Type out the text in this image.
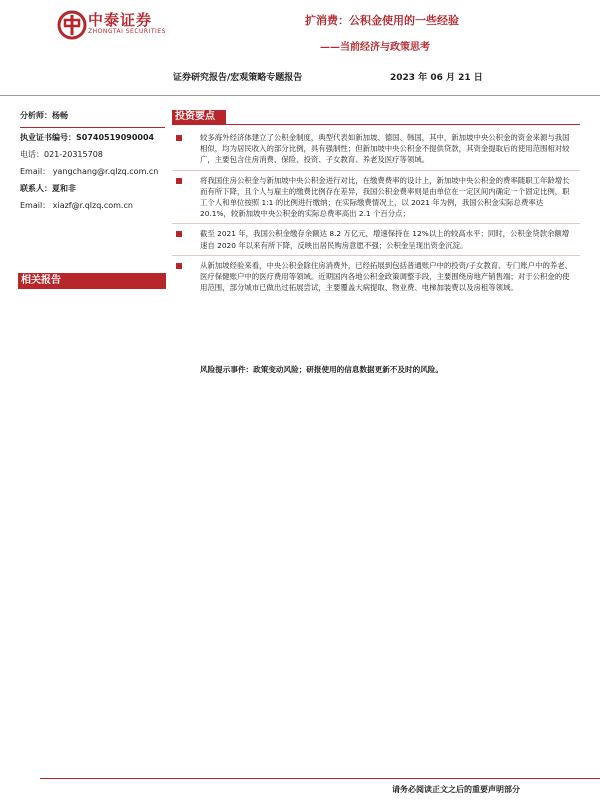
中泰证券
ZHONGTAI SECURITIES
扩消费：公积金使用的一些经验
——当前经济与政策思考
证券研究报告/宏观策略专题报告	2023 年 06 月 21 日
分析师：杨畅
执业证书编号：S0740519090004
电话：021-20315708
Email： yangchang@r.qlzq.com.cn
联系人：夏和非
Email： xiazf@r.qlzq.com.cn
相关报告
投资要点
较多海外经济体建立了公积金制度，典型代表如新加坡、德国、韩国，其中，新加坡中央公积金的资金来源与我国相似，均为居民收入的部分比例，具有强制性；但新加坡中央公积金不提供贷款，其资金提取后的使用范围相对较广，主要包含住房消费、保险、投资、子女教育、养老及医疗等领域。
将我国住房公积金与新加坡中央公积金进行对比，在缴费费率的设计上，新加坡中央公积金的费率随职工年龄增长而有所下降，且个人与雇主的缴费比例存在差异，我国公积金费率则是由单位在一定区间内确定一个固定比例，职工个人和单位按照 1:1 的比例进行缴纳；在实际缴费情况上，以 2021 年为例，我国公积金实际总费率达 20.1%，较新加坡中央公积金的实际总费率高出 2.1 个百分点；
截至 2021 年，我国公积金缴存余额达 8.2 万亿元，增速保持在 12%以上的较高水平；同时，公积金贷款余额增速自 2020 年以来有所下降，反映出居民购房意愿不强；公积金呈现出资金沉淀。
从新加坡经验来看，中央公积金除住房消费外，已经拓展到包括普通账户中的投资/子女教育、专门账户中的养老、医疗保健账户中的医疗费用等领域。近期国内各地公积金政策调整手段，主要围绕房地产销售端；对于公积金的使用范围，部分城市已做出过拓展尝试，主要覆盖大病提取、物业费、电梯加装费以及房租等领域。
风险提示事件：政策变动风险；研报使用的信息数据更新不及时的风险。
请务必阅读正文之后的重要声明部分
